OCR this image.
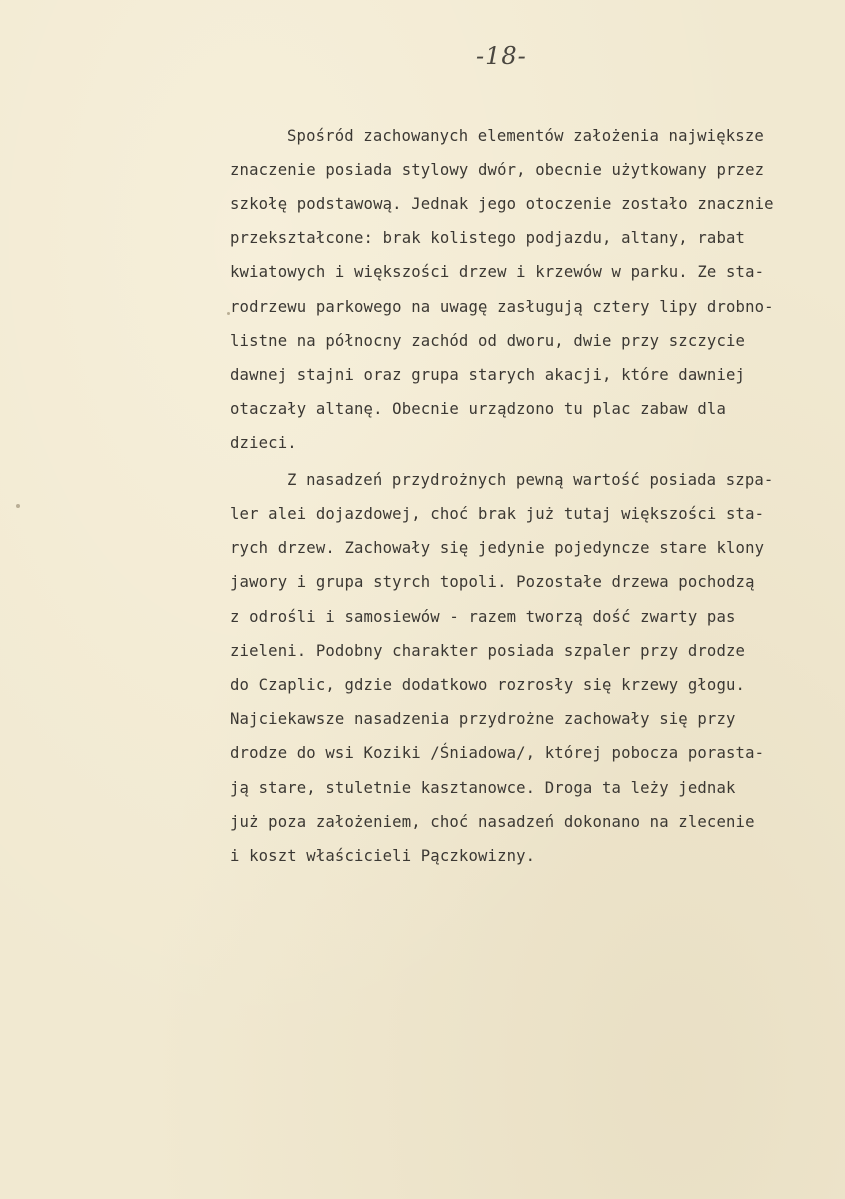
-18-
Spośród zachowanych elementów założenia największe
znaczenie posiada stylowy dwór, obecnie użytkowany przez
szkołę podstawową. Jednak jego otoczenie zostało znacznie
przekształcone: brak kolistego podjazdu, altany, rabat
kwiatowych i większości drzew i krzewów w parku. Ze sta-
rodrzewu parkowego na uwagę zasługują cztery lipy drobno-
listne na północny zachód od dworu, dwie przy szczycie
dawnej stajni oraz grupa starych akacji, które dawniej
otaczały altanę. Obecnie urządzono tu plac zabaw dla
dzieci.
Z nasadzeń przydrożnych pewną wartość posiada szpa-
ler alei dojazdowej, choć brak już tutaj większości sta-
rych drzew. Zachowały się jedynie pojedyncze stare klony
jawory i grupa styrch topoli. Pozostałe drzewa pochodzą
z odrośli i samosiewów - razem tworzą dość zwarty pas
zieleni. Podobny charakter posiada szpaler przy drodze
do Czaplic, gdzie dodatkowo rozrosły się krzewy głogu.
Najciekawsze nasadzenia przydrożne zachowały się przy
drodze do wsi Koziki /Śniadowa/, której pobocza porasta-
ją stare, stuletnie kasztanowce. Droga ta leży jednak
już poza założeniem, choć nasadzeń dokonano na zlecenie
i koszt właścicieli Pączkowizny.
